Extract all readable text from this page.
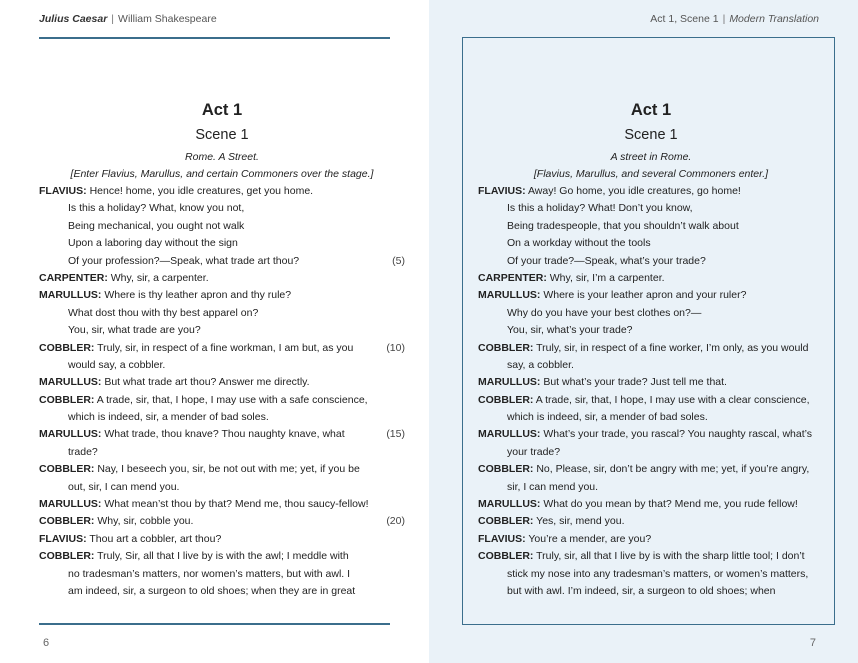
Julius Caesar | William Shakespeare
Act 1
Scene 1
Rome. A Street.
[Enter Flavius, Marullus, and certain Commoners over the stage.]
FLAVIUS: Hence! home, you idle creatures, get you home.
Is this a holiday? What, know you not,
Being mechanical, you ought not walk
Upon a laboring day without the sign
Of your profession?—Speak, what trade art thou?	(5)
CARPENTER: Why, sir, a carpenter.
MARULLUS: Where is thy leather apron and thy rule?
What dost thou with thy best apparel on?
You, sir, what trade are you?
COBBLER: Truly, sir, in respect of a fine workman, I am but, as you	(10)
would say, a cobbler.
MARULLUS: But what trade art thou? Answer me directly.
COBBLER: A trade, sir, that, I hope, I may use with a safe conscience,
which is indeed, sir, a mender of bad soles.
MARULLUS: What trade, thou knave? Thou naughty knave, what	(15)
trade?
COBBLER: Nay, I beseech you, sir, be not out with me; yet, if you be
out, sir, I can mend you.
MARULLUS: What mean’st thou by that? Mend me, thou saucy-fellow!
COBBLER: Why, sir, cobble you.	(20)
FLAVIUS: Thou art a cobbler, art thou?
COBBLER: Truly, Sir, all that I live by is with the awl; I meddle with
no tradesman’s matters, nor women’s matters, but with awl. I
am indeed, sir, a surgeon to old shoes; when they are in great
6
Act 1, Scene 1 | Modern Translation
Act 1
Scene 1
A street in Rome.
[Flavius, Marullus, and several Commoners enter.]
FLAVIUS: Away! Go home, you idle creatures, go home!
Is this a holiday? What! Don’t you know,
Being tradespeople, that you shouldn’t walk about
On a workday without the tools
Of your trade?—Speak, what’s your trade?
CARPENTER: Why, sir, I’m a carpenter.
MARULLUS: Where is your leather apron and your ruler?
Why do you have your best clothes on?—
You, sir, what’s your trade?
COBBLER: Truly, sir, in respect of a fine worker, I’m only, as you would
say, a cobbler.
MARULLUS: But what’s your trade? Just tell me that.
COBBLER: A trade, sir, that, I hope, I may use with a clear conscience,
which is indeed, sir, a mender of bad soles.
MARULLUS: What’s your trade, you rascal? You naughty rascal, what’s
your trade?
COBBLER: No, Please, sir, don’t be angry with me; yet, if you’re angry,
sir, I can mend you.
MARULLUS: What do you mean by that? Mend me, you rude fellow!
COBBLER: Yes, sir, mend you.
FLAVIUS: You’re a mender, are you?
COBBLER: Truly, sir, all that I live by is with the sharp little tool; I don’t
stick my nose into any tradesman’s matters, or women’s matters,
but with awl. I’m indeed, sir, a surgeon to old shoes; when
7
